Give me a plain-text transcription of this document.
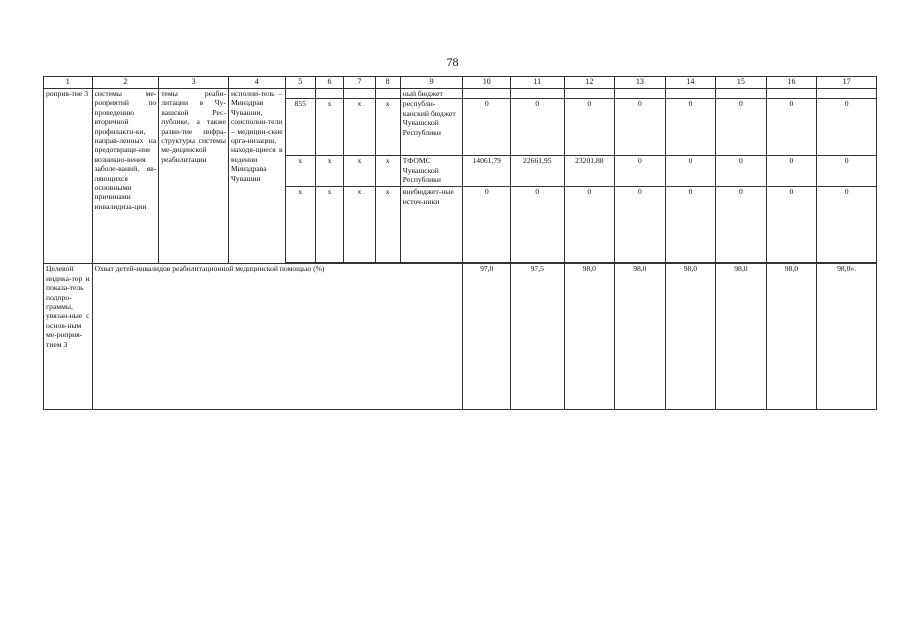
78
1	2	3	4	5	6	7	8	9	10	11	12	13	14	15	16	17
роприя-тие 3	системы ме-роприятий по проведению вторичной профилакти-ки, направ-ленных на предотвраще-ние возникно-вения заболе-ваний, яв-ляющихся основными причинами инвалидиза-ции	темы реаби-литации в Чу-вашской Рес-публике, а также разви-тие инфра-структуры системы ме-дицинской реабилитации	исполни-тель – Минздрав Чувашии, соисполни-тели – медицин-ские орга-низации, находя-щиеся в ведении Минздрава Чувашии					ный бюджет								
				855	x	x	x	республи-канский бюджет Чувашской Республики	0	0	0	0	0	0	0	0
				x	x	x	x	ТФОМС Чувашской Республики	14061,79	22661,95	23201,88	0	0	0	0	0
				x	x	x	x	внебюджет-ные источ-ники	0	0	0	0	0	0	0	0

Целевой индика-тор и показа-тель подпро-граммы, увязан-ные с основ-ным ме-роприя-тием 3	Охват детей-инвалидов реабилитационной медицинской помощью (%)								97,0	97,5	98,0	98,0	98,0	98,0	98,0	98,0».
